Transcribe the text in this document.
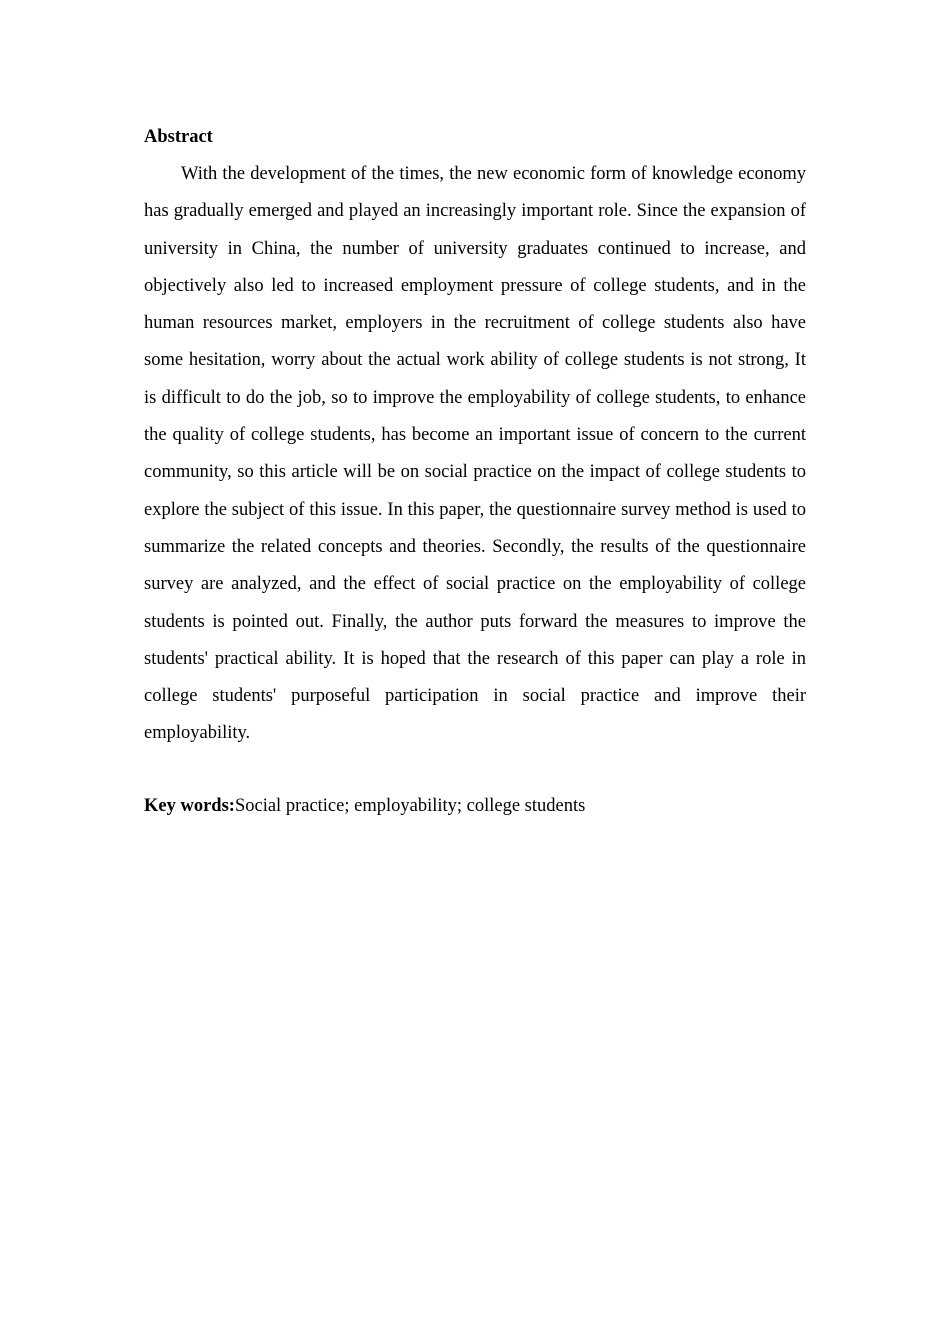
Abstract

With the development of the times, the new economic form of knowledge economy has gradually emerged and played an increasingly important role. Since the expansion of university in China, the number of university graduates continued to increase, and objectively also led to increased employment pressure of college students, and in the human resources market, employers in the recruitment of college students also have some hesitation, worry about the actual work ability of college students is not strong, It is difficult to do the job, so to improve the employability of college students, to enhance the quality of college students, has become an important issue of concern to the current community, so this article will be on social practice on the impact of college students to explore the subject of this issue. In this paper, the questionnaire survey method is used to summarize the related concepts and theories. Secondly, the results of the questionnaire survey are analyzed, and the effect of social practice on the employability of college students is pointed out. Finally, the author puts forward the measures to improve the students' practical ability. It is hoped that the research of this paper can play a role in college students' purposeful participation in social practice and improve their employability.

Key words:Social practice; employability; college students
